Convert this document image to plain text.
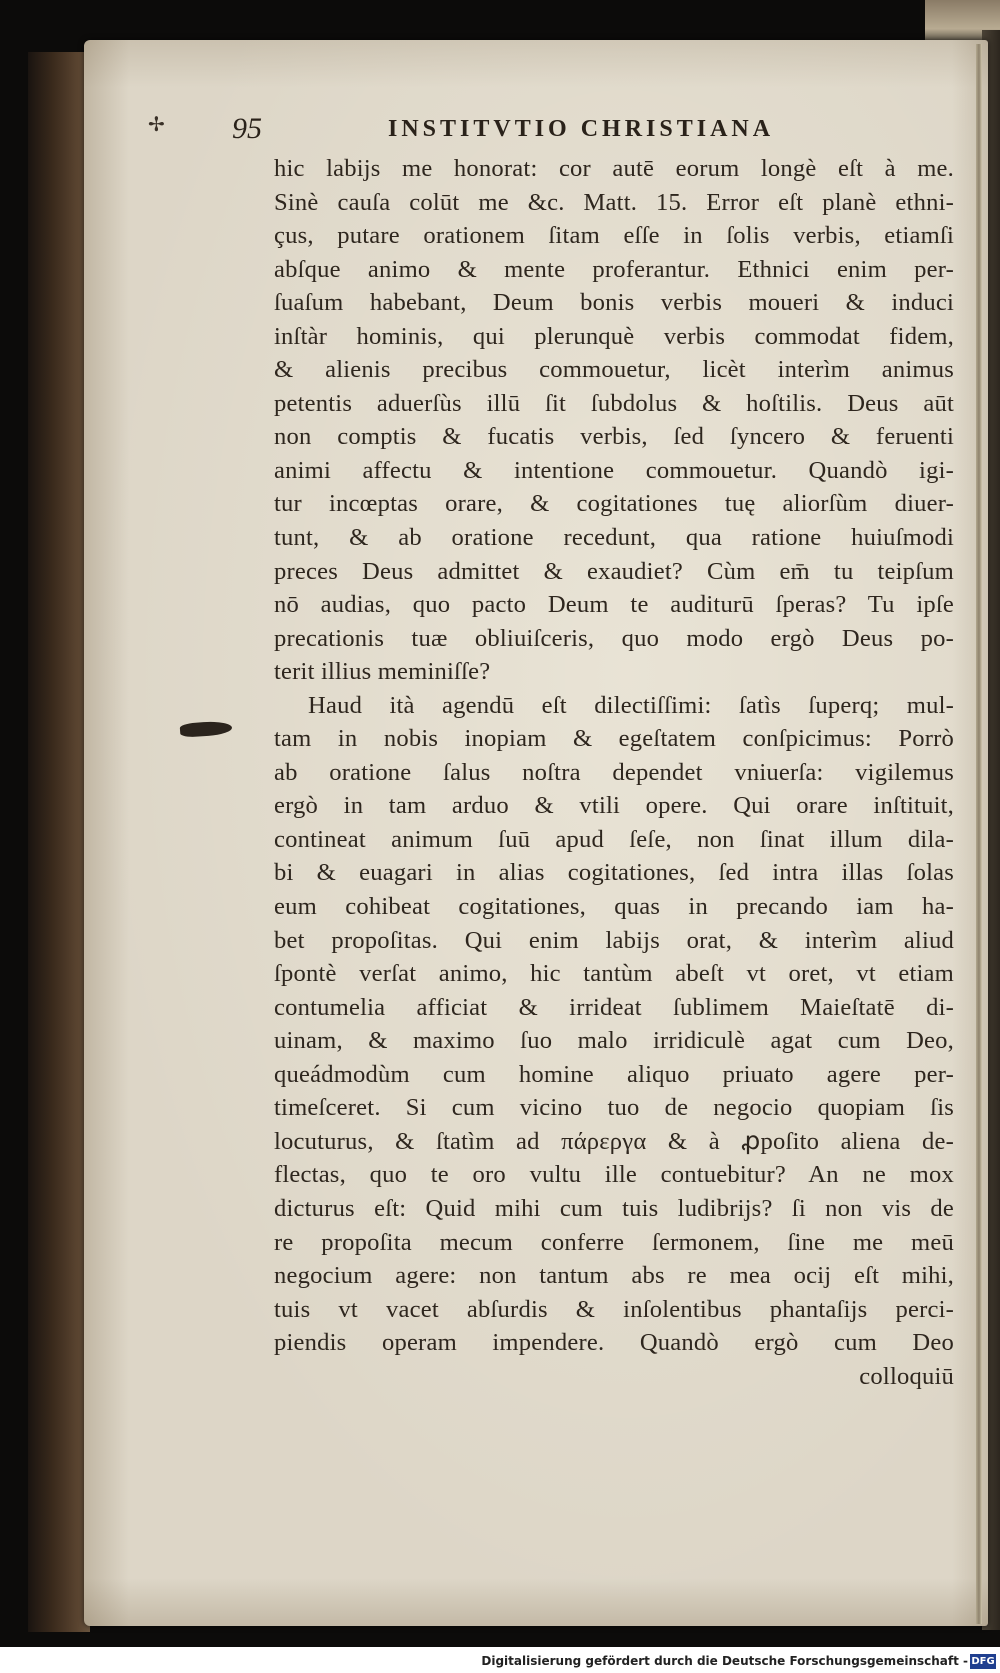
✢ 95	INSTITVTIO CHRISTIANA
hic labijs me honorat: cor autē eorum longè eſt à me.
Sinè cauſa colūt me &c. Matt. 15. Error eſt planè ethni-
çus, putare orationem ſitam eſſe in ſolis verbis, etiamſi
abſque animo & mente proferantur. Ethnici enim per-
ſuaſum habebant, Deum bonis verbis moueri & induci
inſtàr hominis, qui plerunquè verbis commodat fidem,
& alienis precibus commouetur, licèt interìm animus
petentis aduerſùs illū ſit ſubdolus & hoſtilis. Deus aūt
non comptis & fucatis verbis, ſed ſyncero & feruenti
animi affectu & intentione commouetur. Quandò igi-
tur incœptas orare, & cogitationes tuę aliorſùm diuer-
tunt, & ab oratione recedunt, qua ratione huiuſmodi
preces Deus admittet & exaudiet? Cùm em̄ tu teipſum
nō audias, quo pacto Deum te auditurū ſperas? Tu ipſe
precationis tuæ obliuiſceris, quo modo ergò Deus po-
terit illius meminiſſe?
Haud ità agendū eſt dilectiſſimi: ſatìs ſuperq; mul-
tam in nobis inopiam & egeſtatem conſpicimus: Porrò
ab oratione ſalus noſtra dependet vniuerſa: vigilemus
ergò in tam arduo & vtili opere. Qui orare inſtituit,
contineat animum ſuū apud ſeſe, non ſinat illum dila-
bi & euagari in alias cogitationes, ſed intra illas ſolas
eum cohibeat cogitationes, quas in precando iam ha-
bet propoſitas. Qui enim labijs orat, & interìm aliud
ſpontè verſat animo, hic tantùm abeſt vt oret, vt etiam
contumelia afficiat & irrideat ſublimem Maieſtatē di-
uinam, & maximo ſuo malo irridiculè agat cum Deo,
queádmodùm cum homine aliquo priuato agere per-
timeſceret. Si cum vicino tuo de negocio quopiam ſis
locuturus, & ſtatìm ad πάρεργα & à ꝓpoſito aliena de-
flectas, quo te oro vultu ille contuebitur? An ne mox
dicturus eſt: Quid mihi cum tuis ludibrijs? ſi non vis de
re propoſita mecum conferre ſermonem, ſine me meū
negocium agere: non tantum abs re mea ocij eſt mihi,
tuis vt vacet abſurdis & inſolentibus phantaſijs perci-
piendis operam impendere. Quandò ergò cum Deo
colloquiū
Digitalisierung gefördert durch die Deutsche Forschungsgemeinschaft - DFG
